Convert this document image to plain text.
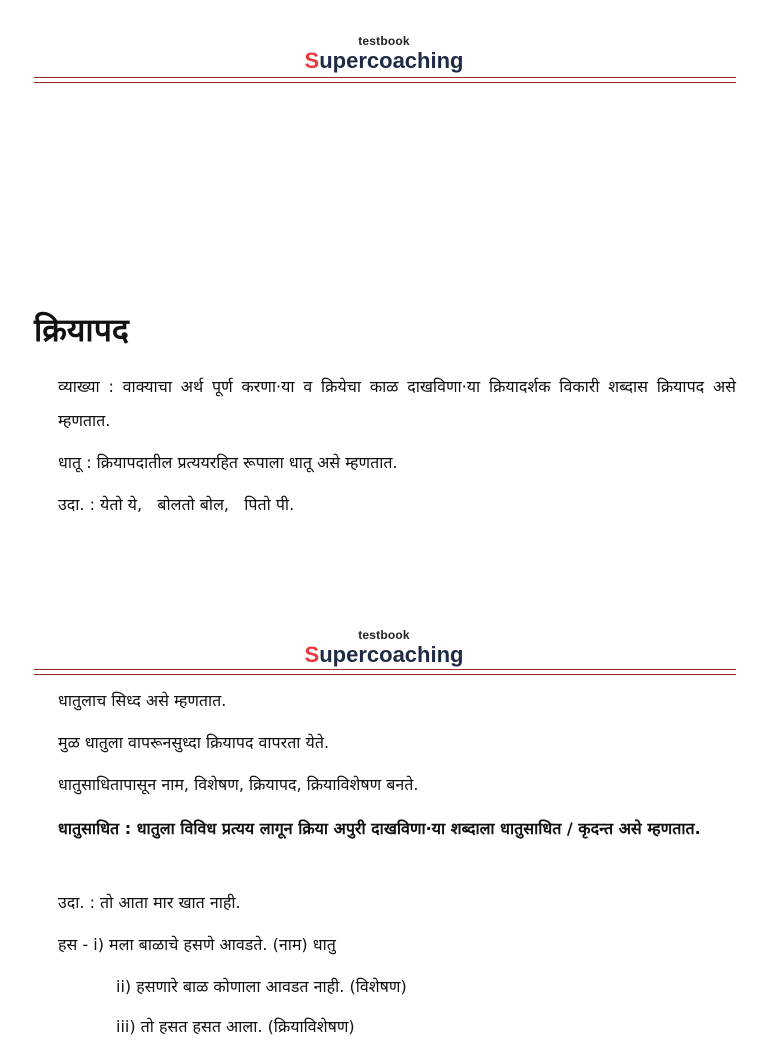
testbook
Supercoaching
क्रियापद

व्याख्या : वाक्याचा अर्थ पूर्ण करणा·या व क्रियेचा काळ दाखविणा·या क्रियादर्शक विकारी शब्दास क्रियापद असे म्हणतात.

धातू : क्रियापदातील प्रत्ययरहित रूपाला धातू असे म्हणतात.

उदा. : येतो ये,   बोलतो बोल,   पितो पी.

testbook
Supercoaching

धातुलाच सिध्द असे म्हणतात.

मुळ धातुला वापरूनसुध्दा क्रियापद वापरता येते.

धातुसाधितापासून नाम, विशेषण, क्रियापद, क्रियाविशेषण बनते.

धातुसाधित : धातुला विविध प्रत्यय लागून क्रिया अपुरी दाखविणा·या शब्दाला धातुसाधित / कृदन्त असे म्हणतात.

उदा. : तो आता मार खात नाही.

हस - i) मला बाळाचे हसणे आवडते. (नाम) धातु

ii) हसणारे बाळ कोणाला आवडत नाही. (विशेषण)

iii) तो हसत हसत आला. (क्रियाविशेषण)
